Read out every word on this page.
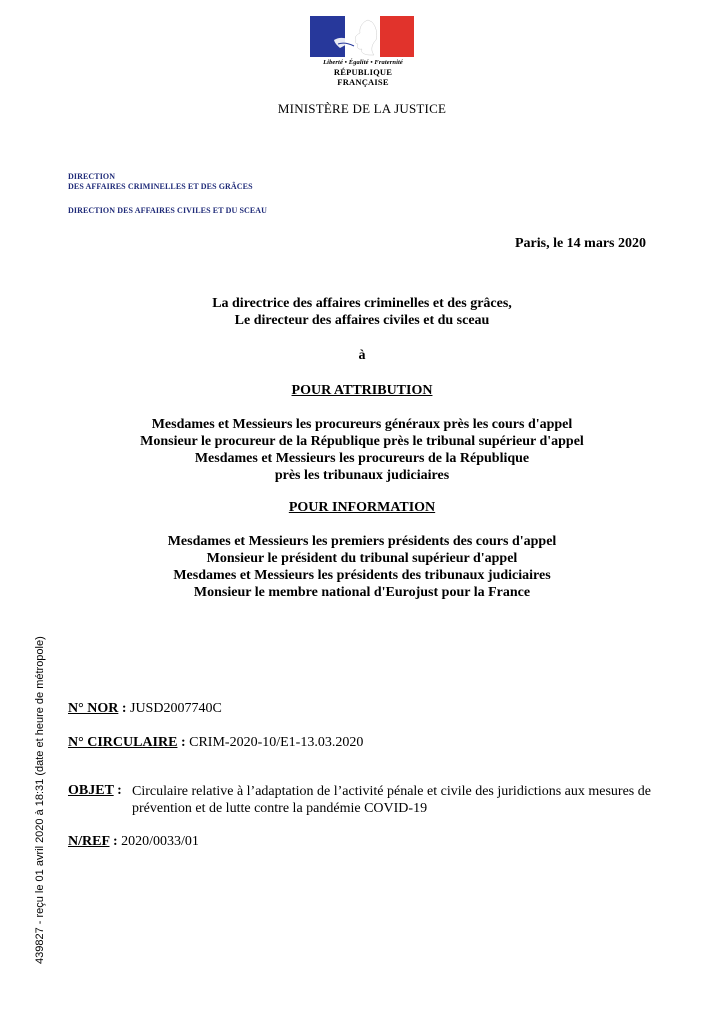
Liberté • Égalité • Fraternité
RÉPUBLIQUE FRANÇAISE
MINISTÈRE DE LA JUSTICE
DIRECTION
DES AFFAIRES CRIMINELLES ET DES GRÂCES
DIRECTION DES AFFAIRES CIVILES ET DU SCEAU
Paris, le 14 mars 2020
La directrice des affaires criminelles et des grâces,
Le directeur des affaires civiles et du sceau
à
POUR ATTRIBUTION
Mesdames et Messieurs les procureurs généraux près les cours d'appel
Monsieur le procureur de la République près le tribunal supérieur d'appel
Mesdames et Messieurs les procureurs de la République
près les tribunaux judiciaires
POUR INFORMATION
Mesdames et Messieurs les premiers présidents des cours d'appel
Monsieur le président du tribunal supérieur d'appel
Mesdames et Messieurs les présidents des tribunaux judiciaires
Monsieur le membre national d'Eurojust pour la France
N° NOR : JUSD2007740C
N° CIRCULAIRE : CRIM-2020-10/E1-13.03.2020
OBJET : Circulaire relative à l’adaptation de l’activité pénale et civile des juridictions aux mesures de prévention et de lutte contre la pandémie COVID-19
N/REF : 2020/0033/01
439827 - reçu le 01 avril 2020 à 18:31 (date et heure de métropole)
